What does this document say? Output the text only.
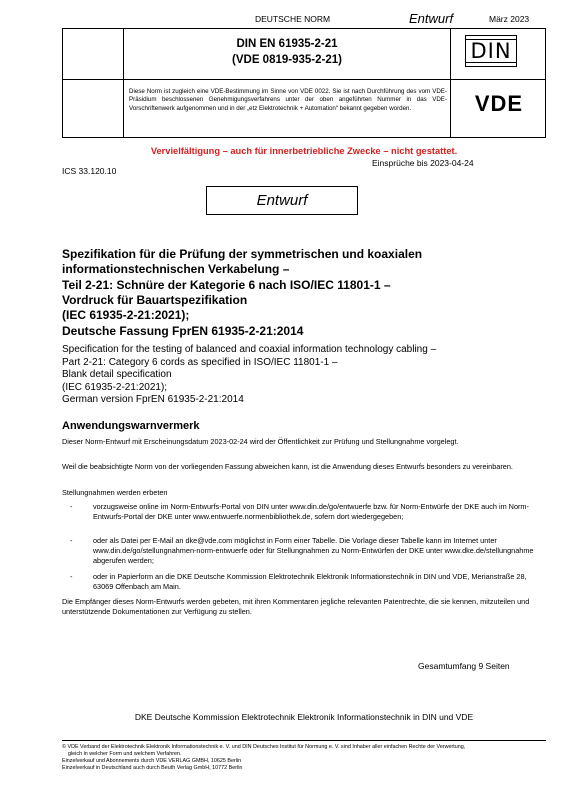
DEUTSCHE NORM	Entwurf	März 2023
DIN EN 61935-2-21
(VDE 0819-935-2-21)
Diese Norm ist zugleich eine VDE-Bestimmung im Sinne von VDE 0022. Sie ist nach Durchführung des vom VDE-Präsidium beschlossenen Genehmigungsverfahrens unter der oben angeführten Nummer in das VDE-Vorschriftenwerk aufgenommen und in der „etz Elektrotechnik + Automation“ bekannt gegeben worden.
DIN
VDE
Vervielfältigung – auch für innerbetriebliche Zwecke – nicht gestattet.
Einsprüche bis 2023-04-24
ICS 33.120.10
Entwurf
Spezifikation für die Prüfung der symmetrischen und koaxialen
informationstechnischen Verkabelung –
Teil 2-21: Schnüre der Kategorie 6 nach ISO/IEC 11801-1 –
Vordruck für Bauartspezifikation
(IEC 61935-2-21:2021);
Deutsche Fassung FprEN 61935-2-21:2014
Specification for the testing of balanced and coaxial information technology cabling –
Part 2-21: Category 6 cords as specified in ISO/IEC 11801-1 –
Blank detail specification
(IEC 61935-2-21:2021);
German version FprEN 61935-2-21:2014
Anwendungswarnvermerk
Dieser Norm-Entwurf mit Erscheinungsdatum 2023-02-24 wird der Öffentlichkeit zur Prüfung und Stellungnahme vorgelegt.
Weil die beabsichtigte Norm von der vorliegenden Fassung abweichen kann, ist die Anwendung dieses Entwurfs besonders zu vereinbaren.
Stellungnahmen werden erbeten
-	vorzugsweise online im Norm-Entwurfs-Portal von DIN unter www.din.de/go/entwuerfe bzw. für Norm-Entwürfe der DKE auch im Norm-Entwurfs-Portal der DKE unter www.entwuerfe.normenbibliothek.de, sofern dort wiedergegeben;
-	oder als Datei per E-Mail an dke@vde.com möglichst in Form einer Tabelle. Die Vorlage dieser Tabelle kann im Internet unter www.din.de/go/stellungnahmen-norm-entwuerfe oder für Stellungnahmen zu Norm-Entwürfen der DKE unter www.dke.de/stellungnahme abgerufen werden;
-	oder in Papierform an die DKE Deutsche Kommission Elektrotechnik Elektronik Informationstechnik in DIN und VDE, Merianstraße 28, 63069 Offenbach am Main.
Die Empfänger dieses Norm-Entwurfs werden gebeten, mit ihren Kommentaren jegliche relevanten Patentrechte, die sie kennen, mitzuteilen und unterstützende Dokumentationen zur Verfügung zu stellen.
Gesamtumfang 9 Seiten
DKE Deutsche Kommission Elektrotechnik Elektronik Informationstechnik in DIN und VDE
© VDE Verband der Elektrotechnik Elektronik Informationstechnik e. V. und DIN Deutsches Institut für Normung e. V. sind Inhaber aller einfachen Rechte der Verwertung,
gleich in welcher Form und welchem Verfahren.
Einzelverkauf und Abonnements durch VDE VERLAG GMBH, 10625 Berlin
Einzelverkauf in Deutschland auch durch Beuth Verlag GmbH, 10772 Berlin
